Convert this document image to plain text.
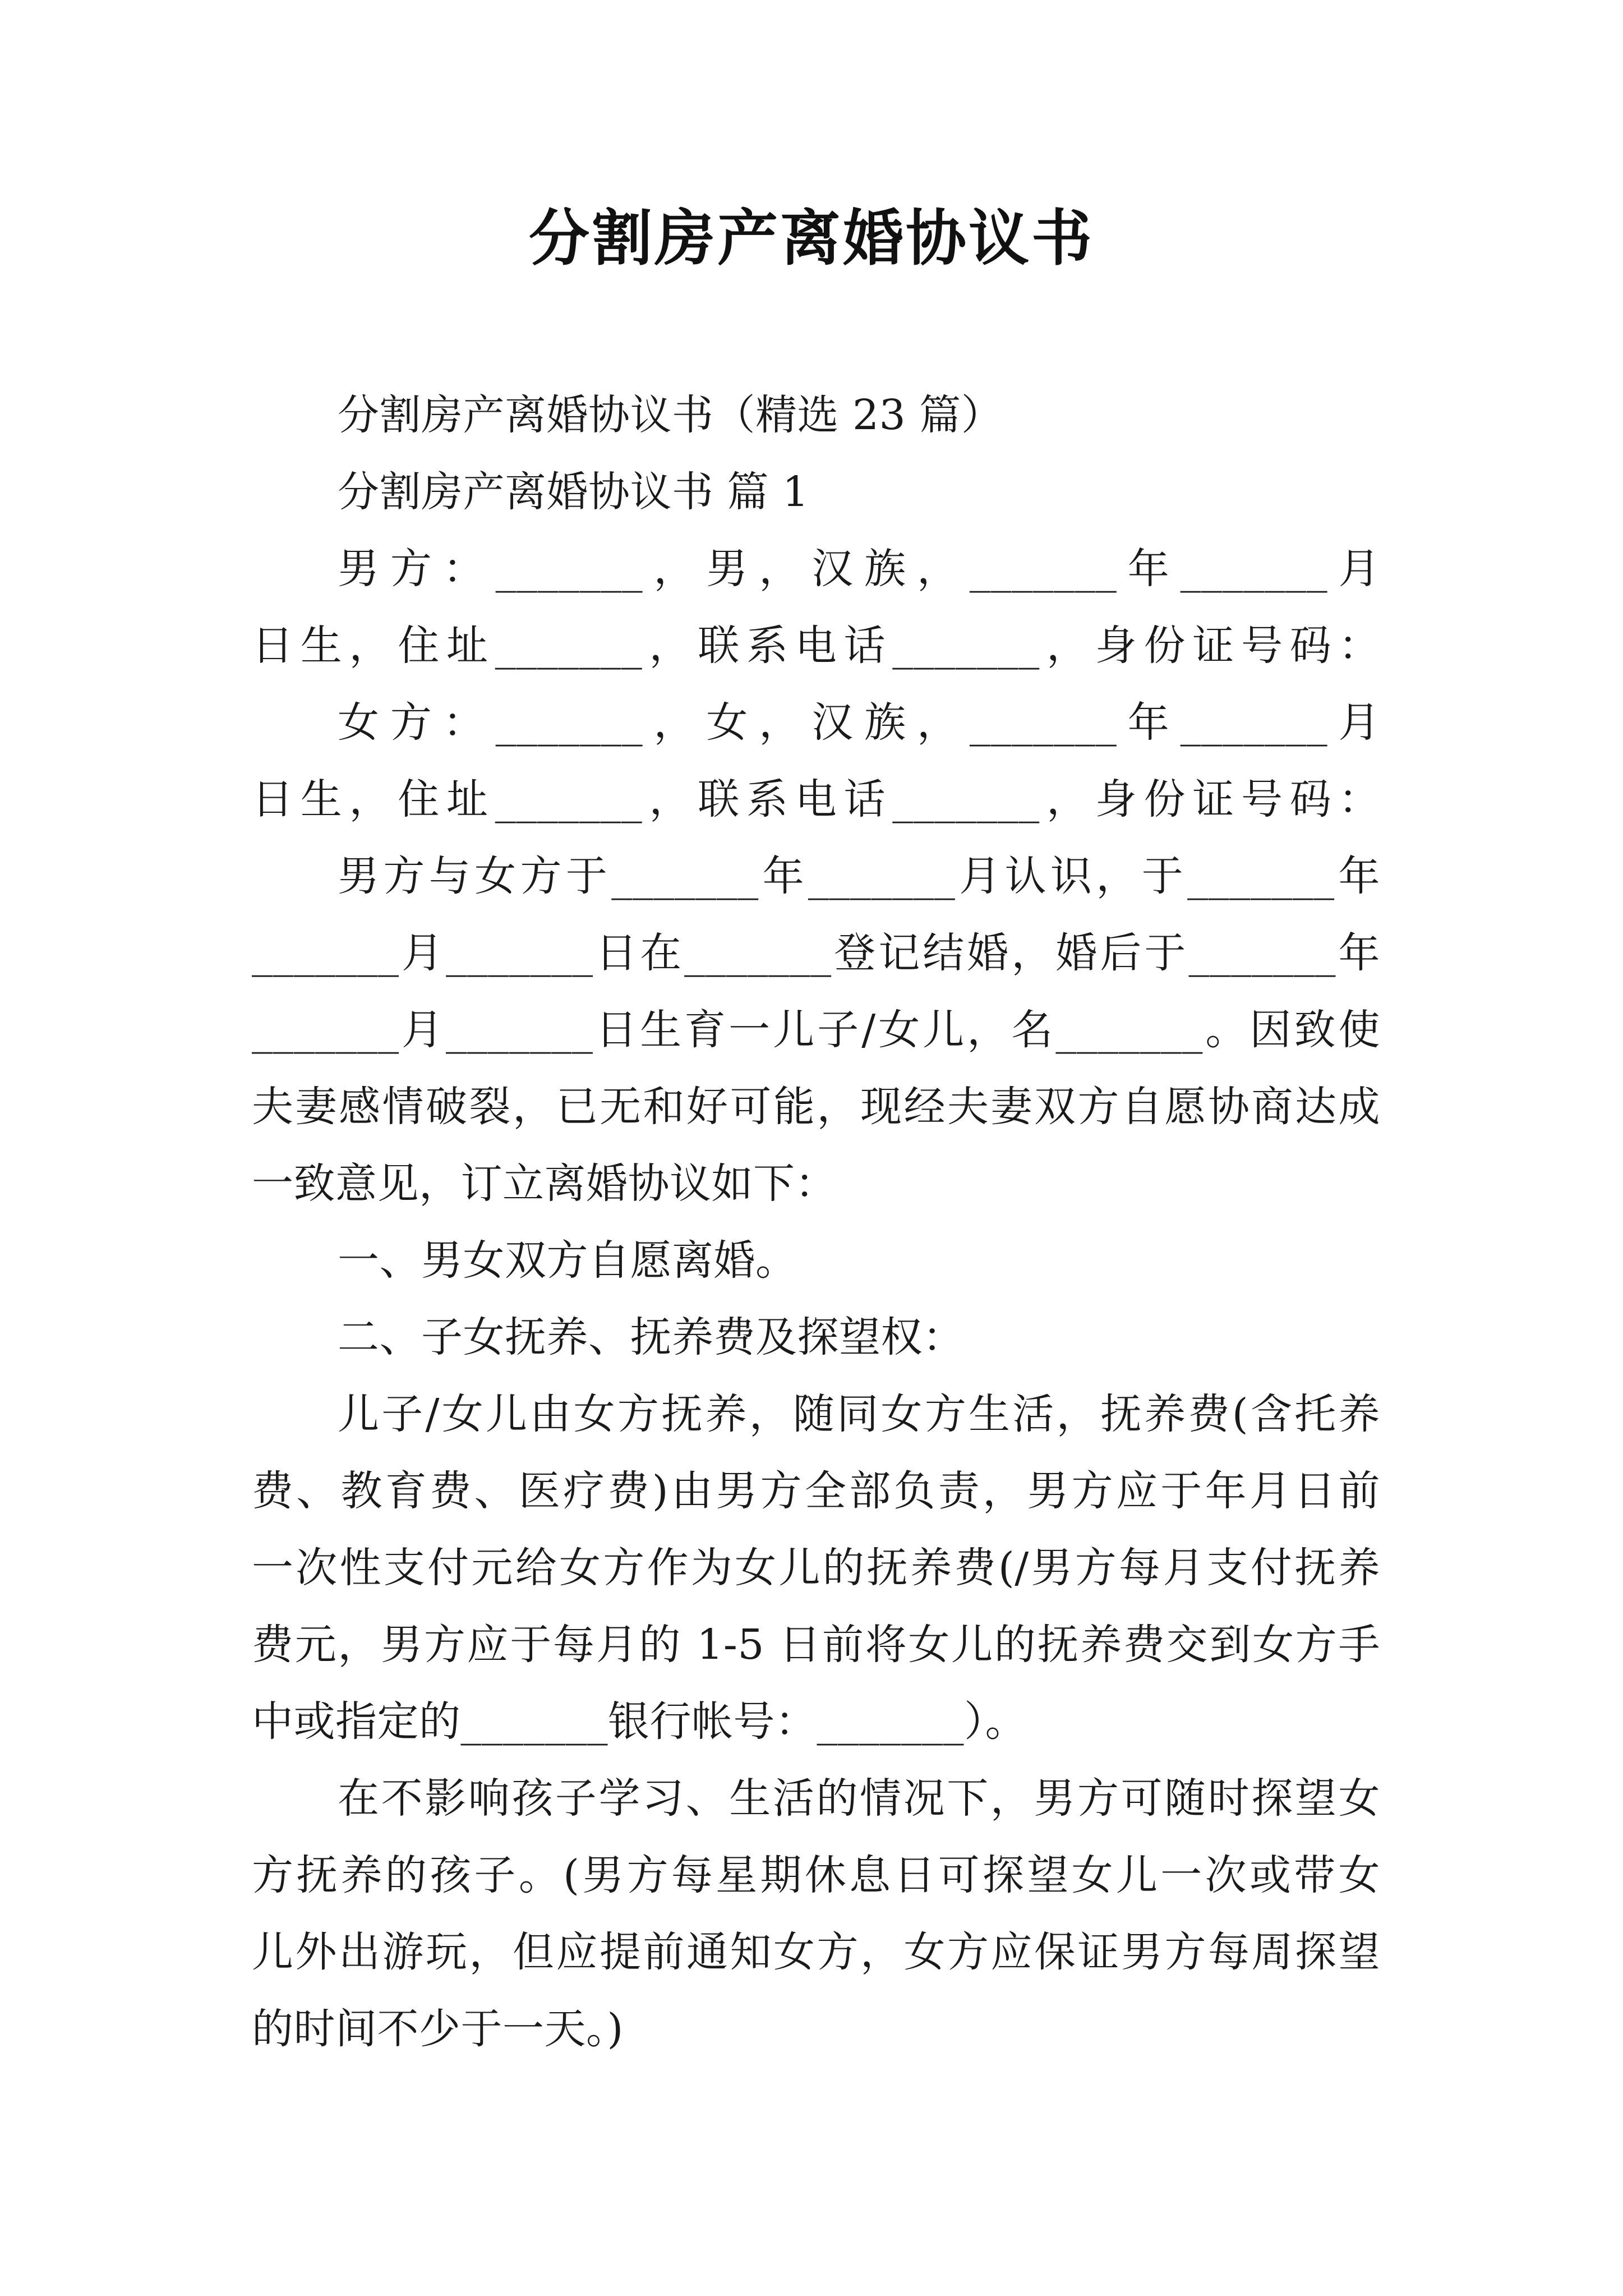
分割房产离婚协议书
分割房产离婚协议书（精选 23 篇）
分割房产离婚协议书 篇 1
男方：_______，男，汉族，_______年_______月
日生，住址_______，联系电话_______，身份证号码：
女方：_______，女，汉族，_______年_______月
日生，住址_______，联系电话_______，身份证号码：
男方与女方于_______年_______月认识，于_______年
_______月_______日在_______登记结婚，婚后于_______年
_______月_______日生育一儿子/女儿，名_______。因致使
夫妻感情破裂，已无和好可能，现经夫妻双方自愿协商达成
一致意见，订立离婚协议如下：
一、男女双方自愿离婚。
二、子女抚养、抚养费及探望权：
儿子/女儿由女方抚养，随同女方生活，抚养费(含托养
费、教育费、医疗费)由男方全部负责，男方应于年月日前
一次性支付元给女方作为女儿的抚养费(/男方每月支付抚养
费元，男方应于每月的 1-5 日前将女儿的抚养费交到女方手
中或指定的_______银行帐号：_______）。
在不影响孩子学习、生活的情况下，男方可随时探望女
方抚养的孩子。(男方每星期休息日可探望女儿一次或带女
儿外出游玩，但应提前通知女方，女方应保证男方每周探望
的时间不少于一天。)
